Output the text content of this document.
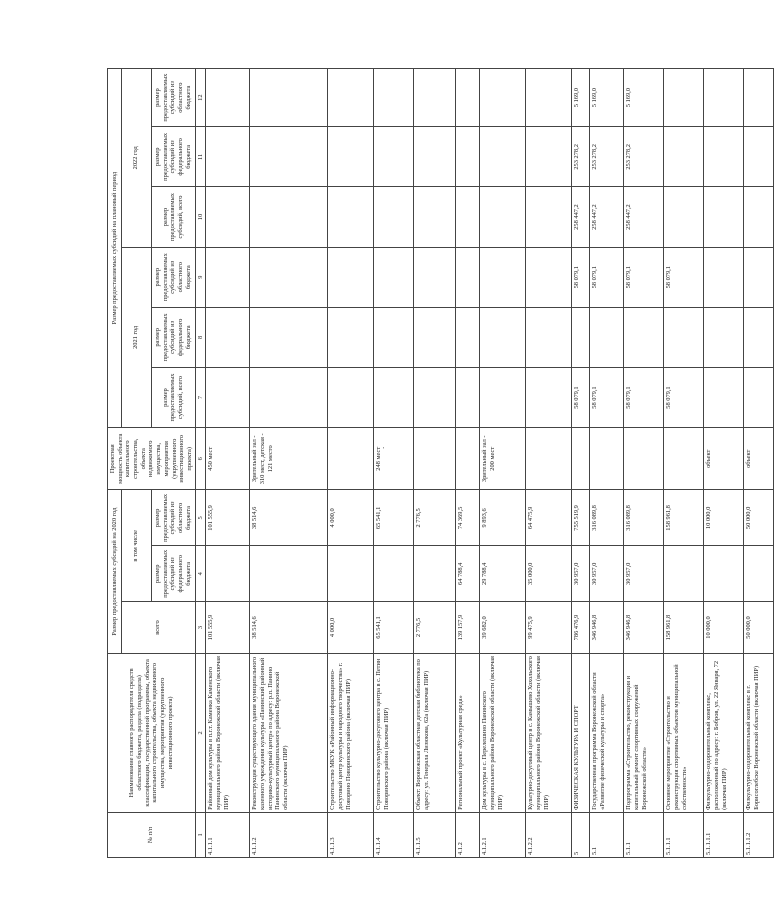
'
№ п/п	Наименование главного распорядителя средств областного бюджета, раздела (подраздела) классификации, государственной программы, объекта капитального строительства, объекта недвижимого имущества, мероприятия (укрупненного инвестиционного проекта)	Размер предоставляемых субсидий на 2020 год			Проектная мощность объекта капитального строительства, объекта недвижимого имущества, мероприятия (укрупненного инвестиционного проекта)	Размер предоставляемых субсидий на плановый период					
		всего	в том числе			2021 год			2022 год		
			размер предоставляемых субсидий из федерального бюджета	размер предоставляемых субсидий из областного бюджета		размер предоставляемых субсидий, всего	размер предоставляемых субсидий из федерального бюджета	размер предоставляемых субсидий из областного бюджета	размер предоставляемых субсидий, всего	размер предоставляемых субсидий из федерального бюджета	размер предоставляемых субсидий из областного бюджета
1	2	3	4	5	6	7	8	9	10	11	12
4.1.1.1	Районный дом культуры в п.г.т. Каменка Каменского муниципального района Воронежской области (включая ПИР)	101 555,9		101 555,9	450 мест						
4.1.1.2	Реконструкция существующего здания муниципального казенного учреждения культуры «Панинский районный историко-культурный центр» по адресу: р.п. Панино Панинского муниципального района Воронежской области (включая ПИР)	38 514,6		38 514,6	Зрительный зал - 310 мест, детская - 121 место						
4.1.1.3	Строительство МКУК «Районный информационно-досуговый центр культуры и народного творчества» г. Поворино Поворинского района (включая ПИР)	4 000,0		4 000,0							
4.1.1.4	Строительство культурно-досугового центра в с. Петин Поворинского района (включая ПИР)	65 541,1		65 541,1	248 мест						
4.1.1.5	Объект: Воронежская областная детская библиотека по адресу: ул. Генерала Лизюкова, 62а (включая ПИР)	2 776,5		2 776,5							
4.1.2	Региональный проект «Культурная среда»	139 157,9	64 788,4	74 369,5							
4.1.2.1	Дом культуры в с. Перелешино Панинского муниципального района Воронежской области (включая ПИР)	39 682,0	29 788,4	9 893,6	Зрительный зал - 200 мест						
4.1.2.2	Культурно-досуговый центр в с. Камышево Хохольского муниципального района Воронежской области (включая ПИР)	99 475,9	35 000,0	64 475,9							
5	ФИЗИЧЕСКАЯ КУЛЬТУРА И СПОРТ	786 476,9	30 957,0	755 519,9		58 079,1		58 079,1	258 447,2	253 278,2	5 169,0
5.1	Государственная программа Воронежской области «Развитие физической культуры и спорта»	346 946,8	30 957,0	316 089,8		58 079,1		58 079,1	258 447,2	253 278,2	5 169,0
5.1.1	Подпрограмма «Строительство, реконструкция и капитальный ремонт спортивных сооружений Воронежской области»	346 946,8	30 957,0	316 089,8		58 079,1		58 079,1	258 447,2	253 278,2	5 169,0
5.1.1.1	Основное мероприятие «Строительство и реконструкция спортивных объектов муниципальной собственности»	158 961,8		158 961,8		58 079,1		58 079,1			
5.1.1.1.1	Физкультурно-оздоровительный комплекс, расположенный по адресу: г. Бобров, ул. 22 Января, 72 (включая ПИР)	10 000,0		10 000,0	объект						
5.1.1.1.2	Физкультурно-оздоровительный комплекс в г. Борисоглебске Воронежской области (включая ПИР)	50 000,0		50 000,0	объект						
